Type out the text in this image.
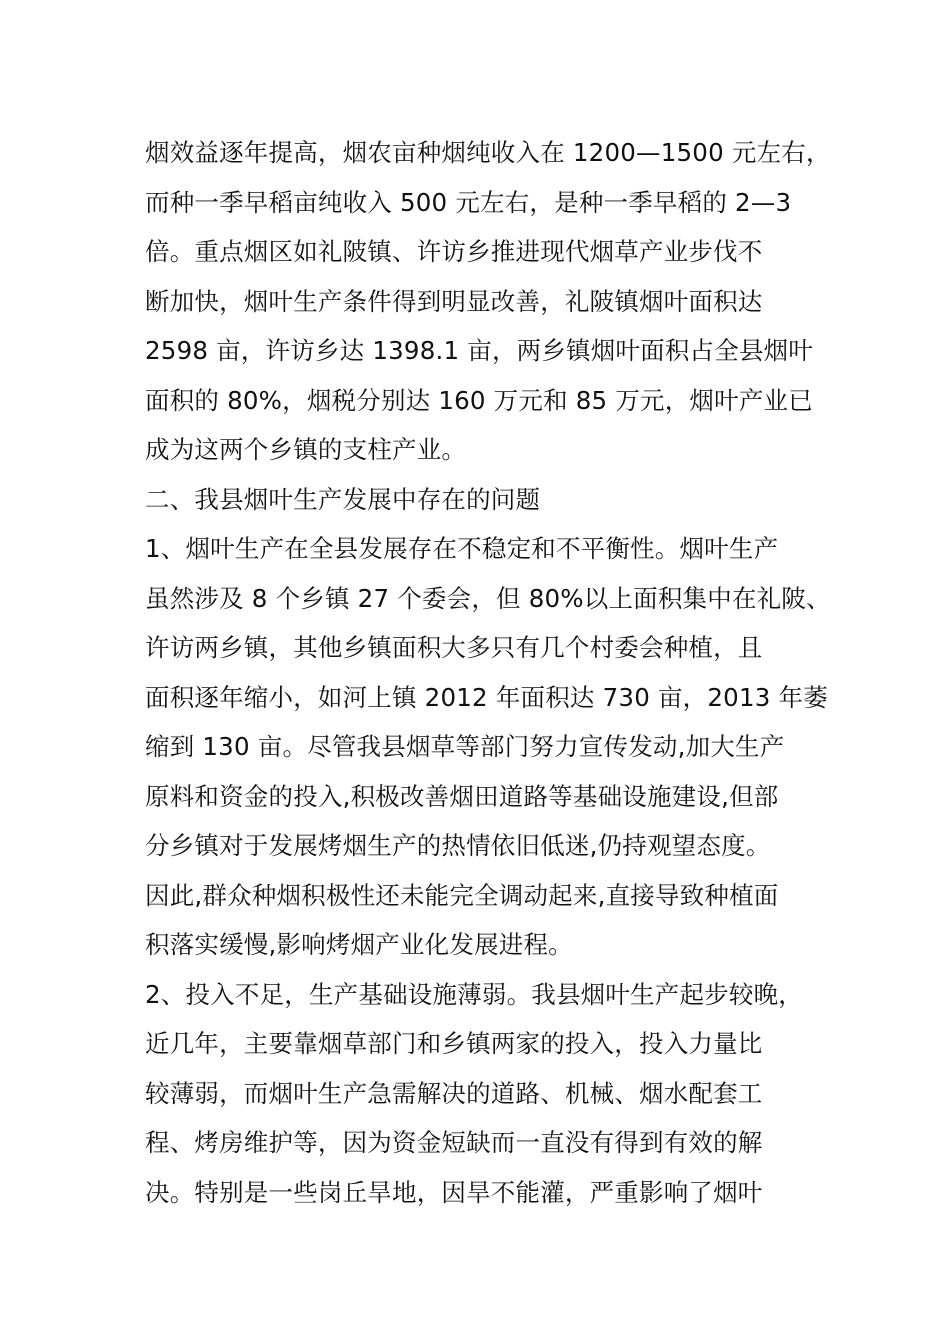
烟效益逐年提高，烟农亩种烟纯收入在 1200—1500 元左右，
而种一季早稻亩纯收入 500 元左右，是种一季早稻的 2—3
倍。重点烟区如礼陂镇、许访乡推进现代烟草产业步伐不
断加快，烟叶生产条件得到明显改善，礼陂镇烟叶面积达
2598 亩，许访乡达 1398.1 亩，两乡镇烟叶面积占全县烟叶
面积的 80%，烟税分别达 160 万元和 85 万元，烟叶产业已
成为这两个乡镇的支柱产业。
二、我县烟叶生产发展中存在的问题
1、烟叶生产在全县发展存在不稳定和不平衡性。烟叶生产
虽然涉及 8 个乡镇 27 个委会，但 80%以上面积集中在礼陂、
许访两乡镇，其他乡镇面积大多只有几个村委会种植，且
面积逐年缩小，如河上镇 2012 年面积达 730 亩，2013 年萎
缩到 130 亩。尽管我县烟草等部门努力宣传发动,加大生产
原料和资金的投入,积极改善烟田道路等基础设施建设,但部
分乡镇对于发展烤烟生产的热情依旧低迷,仍持观望态度。
因此,群众种烟积极性还未能完全调动起来,直接导致种植面
积落实缓慢,影响烤烟产业化发展进程。
2、投入不足，生产基础设施薄弱。我县烟叶生产起步较晚，
近几年，主要靠烟草部门和乡镇两家的投入，投入力量比
较薄弱，而烟叶生产急需解决的道路、机械、烟水配套工
程、烤房维护等，因为资金短缺而一直没有得到有效的解
决。特别是一些岗丘旱地，因旱不能灌，严重影响了烟叶
